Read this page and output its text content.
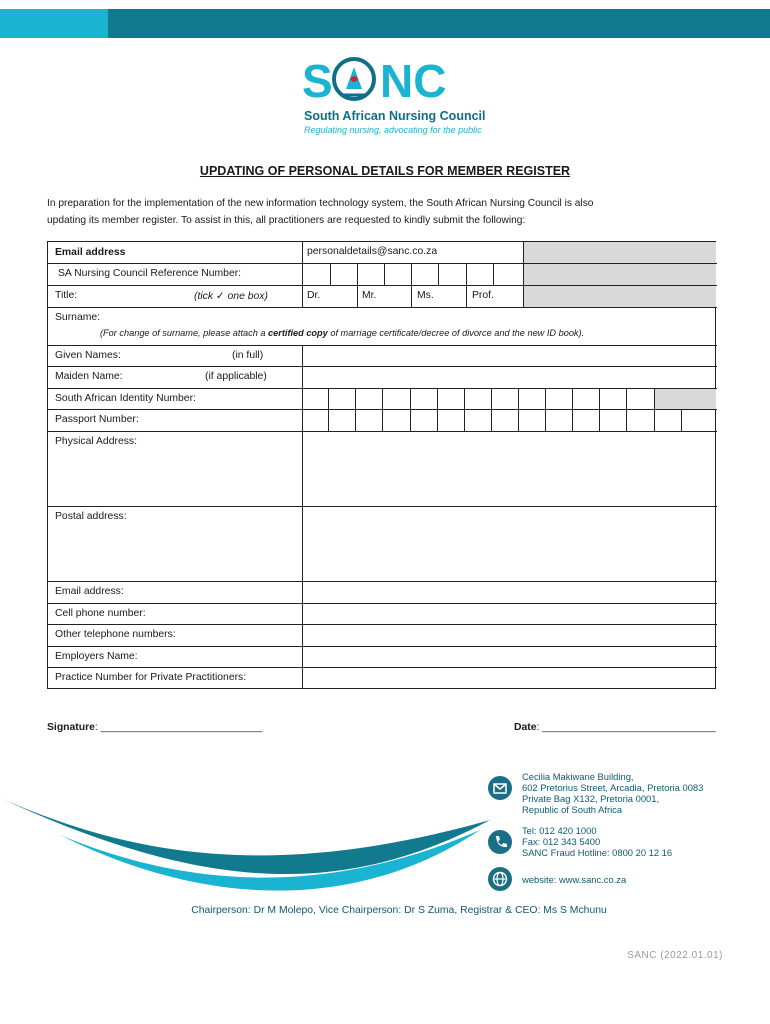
S NC
South African Nursing Council
Regulating nursing, advocating for the public
UPDATING OF PERSONAL DETAILS FOR MEMBER REGISTER
In preparation for the implementation of the new information technology system, the South African Nursing Council is also
updating its member register. To assist in this, all practitioners are requested to kindly submit the following:
Email address	personaldetails@sanc.co.za
SA Nursing Council Reference Number:
Title:	(tick ✓ one box)	Dr.	Mr.	Ms.	Prof.
Surname:
(For change of surname, please attach a certified copy of marriage certificate/decree of divorce and the new ID book).
Given Names:	(in full)
Maiden Name:	(if applicable)
South African Identity Number:
Passport Number:
Physical Address:
Postal address:
Email address:
Cell phone number:
Other telephone numbers:
Employers Name:
Practice Number for Private Practitioners:
Signature: ____________________________	Date: ______________________________
Cecilia Makiwane Building,
602 Pretorius Street, Arcadia, Pretoria 0083
Private Bag X132, Pretoria 0001,
Republic of South Africa
Tel: 012 420 1000
Fax: 012 343 5400
SANC Fraud Hotline: 0800 20 12 16
website: www.sanc.co.za
Chairperson: Dr M Molepo, Vice Chairperson: Dr S Zuma, Registrar & CEO: Ms S Mchunu
SANC (2022.01.01)
